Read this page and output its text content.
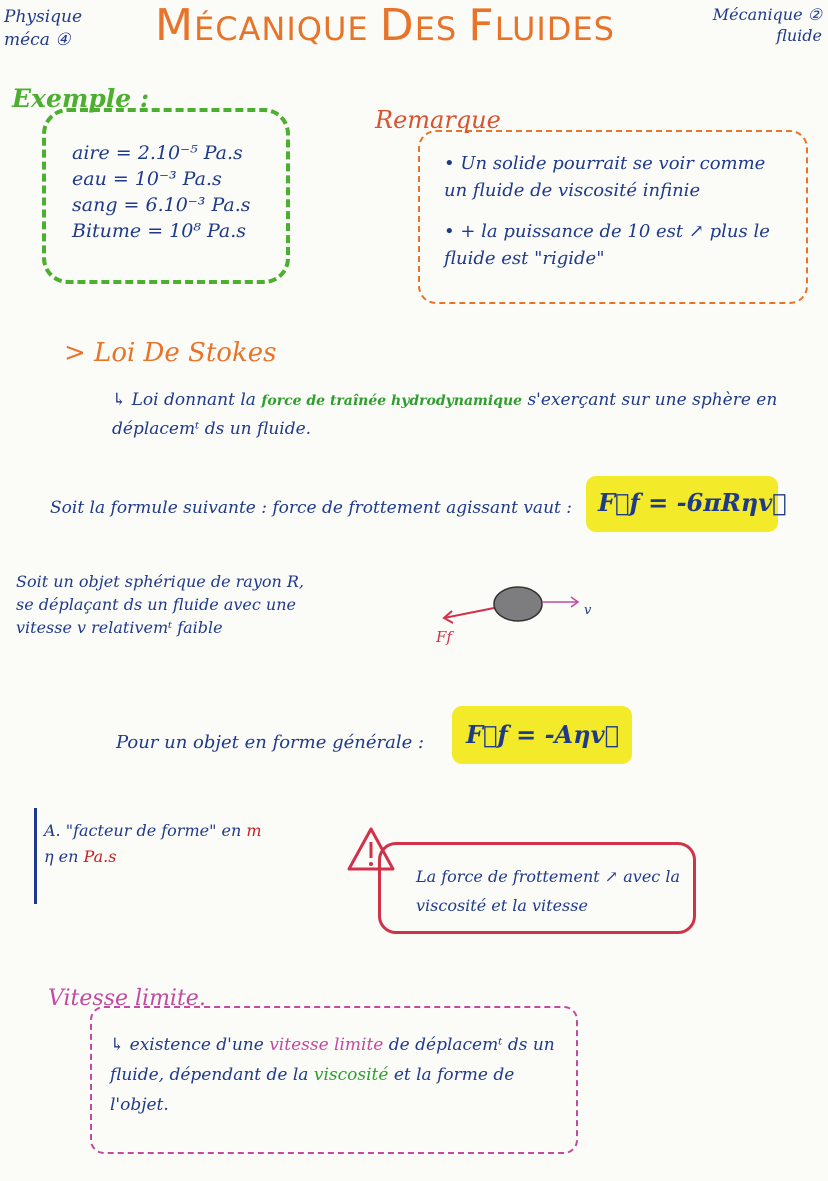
Physique
méca ④ MÉCANIQUE DES FLUIDES	Mécanique ②
fluide
Exemple :
aire = 2.10⁻⁵ Pa.s
eau = 10⁻³ Pa.s
sang = 6.10⁻³ Pa.s
Bitume = 10⁸ Pa.s
Remarque
• Un solide pourrait se voir comme un fluide de viscosité infinie
• + la puissance de 10 est ↗ plus le fluide est "rigide"
> Loi De Stokes
↳ Loi donnant la force de traînée hydrodynamique s'exerçant sur une sphère en déplacemᵗ ds un fluide.
Soit la formule suivante : force de frottement agissant vaut : F⃗f = -6πRηv⃗
Soit un objet sphérique de rayon R,
se déplaçant ds un fluide avec une
vitesse v relativemᵗ faible
v
Ff
Pour un objet en forme générale : F⃗f = -Aηv⃗
A. "facteur de forme" en m
η en Pa.s
La force de frottement ↗ avec la viscosité et la vitesse
Vitesse limite.
↳ existence d'une vitesse limite de déplacemᵗ ds un fluide, dépendant de la viscosité et la forme de l'objet.
